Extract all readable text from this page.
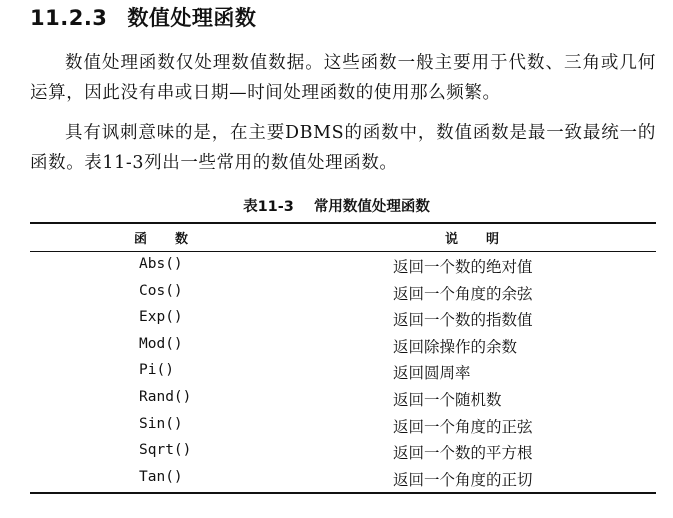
11.2.3 数值处理函数
数值处理函数仅处理数值数据。这些函数一般主要用于代数、三角或几何运算，因此没有串或日期—时间处理函数的使用那么频繁。
具有讽刺意味的是，在主要DBMS的函数中，数值函数是最一致最统一的函数。表11-3列出一些常用的数值处理函数。
表11-3 常用数值处理函数
函数	说明
Abs()	返回一个数的绝对值
Cos()	返回一个角度的余弦
Exp()	返回一个数的指数值
Mod()	返回除操作的余数
Pi()	返回圆周率
Rand()	返回一个随机数
Sin()	返回一个角度的正弦
Sqrt()	返回一个数的平方根
Tan()	返回一个角度的正切
